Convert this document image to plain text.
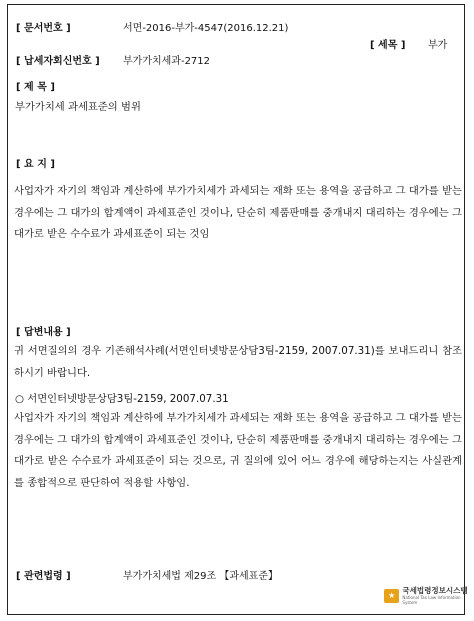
[ 문서번호 ]	서면-2016-부가-4547(2016.12.21)
[ 세목 ] 부가
[ 납세자회신번호 ] 부가가치세과-2712
[ 제 목 ]
부가가치세 과세표준의 범위
[ 요 지 ]
사업자가 자기의 책임과 계산하에 부가가치세가 과세되는 재화 또는 용역을 공급하고 그 대가를 받는 경우에는 그 대가의 합계액이 과세표준인 것이나, 단순히 제품판매를 중개내지 대리하는 경우에는 그 대가로 받은 수수료가 과세표준이 되는 것임
[ 답변내용 ]
귀 서면질의의 경우 기존해석사례(서면인터넷방문상담3팀-2159, 2007.07.31)를 보내드리니 참조하시기 바랍니다.
○ 서면인터넷방문상담3팀-2159, 2007.07.31
사업자가 자기의 책임과 계산하에 부가가치세가 과세되는 재화 또는 용역을 공급하고 그 대가를 받는 경우에는 그 대가의 합계액이 과세표준인 것이나, 단순히 제품판매를 중개내지 대리하는 경우에는 그 대가로 받은 수수료가 과세표준이 되는 것으로, 귀 질의에 있어 어느 경우에 해당하는지는 사실관계를 종합적으로 판단하여 적용할 사항임.
[ 관련법령 ]	부가가치세법 제29조 【과세표준】
★
국세법령정보시스템
National Tax Law Information System
